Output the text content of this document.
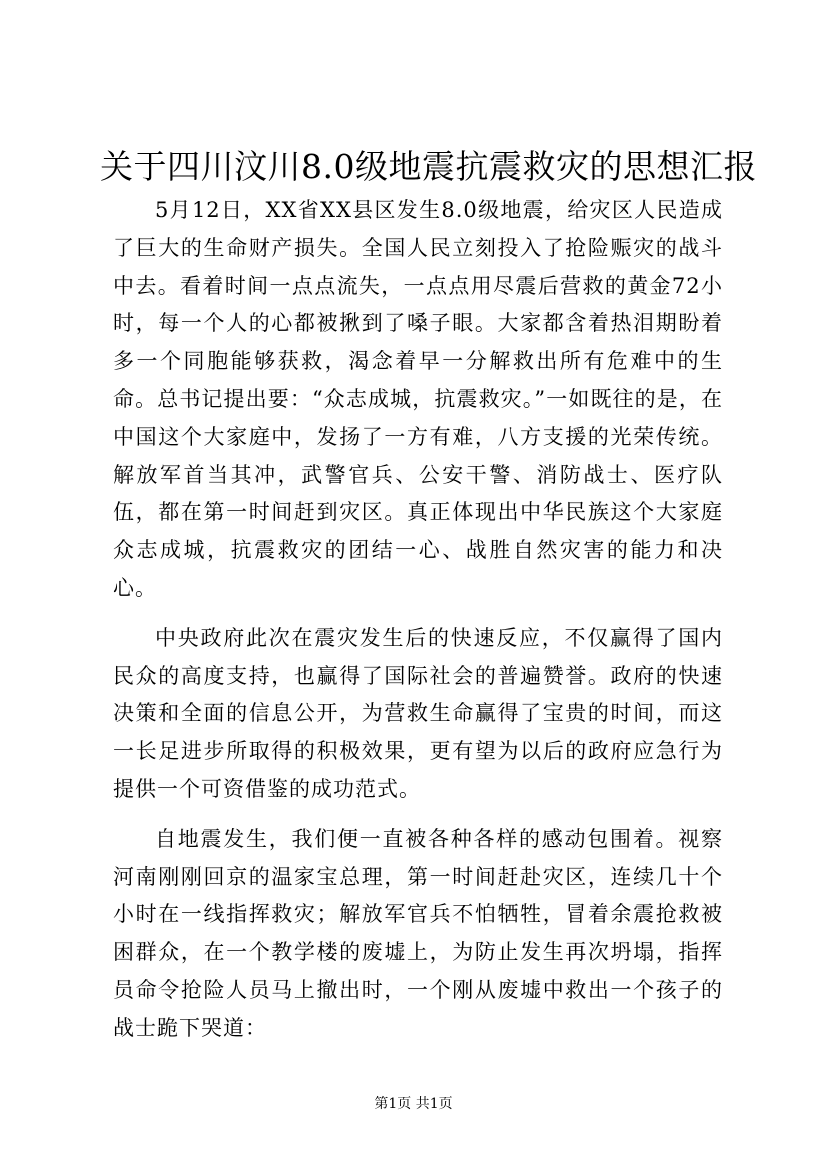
关于四川汶川8.0级地震抗震救灾的思想汇报

5月12日，XX省XX县区发生8.0级地震，给灾区人民造成了巨大的生命财产损失。全国人民立刻投入了抢险赈灾的战斗中去。看着时间一点点流失，一点点用尽震后营救的黄金72小时，每一个人的心都被揪到了嗓子眼。大家都含着热泪期盼着多一个同胞能够获救，渴念着早一分解救出所有危难中的生命。总书记提出要：“众志成城，抗震救灾。”一如既往的是，在中国这个大家庭中，发扬了一方有难，八方支援的光荣传统。解放军首当其冲，武警官兵、公安干警、消防战士、医疗队伍，都在第一时间赶到灾区。真正体现出中华民族这个大家庭众志成城，抗震救灾的团结一心、战胜自然灾害的能力和决心。

中央政府此次在震灾发生后的快速反应，不仅赢得了国内民众的高度支持，也赢得了国际社会的普遍赞誉。政府的快速决策和全面的信息公开，为营救生命赢得了宝贵的时间，而这一长足进步所取得的积极效果，更有望为以后的政府应急行为提供一个可资借鉴的成功范式。

自地震发生，我们便一直被各种各样的感动包围着。视察河南刚刚回京的温家宝总理，第一时间赶赴灾区，连续几十个小时在一线指挥救灾；解放军官兵不怕牺牲，冒着余震抢救被困群众，在一个教学楼的废墟上，为防止发生再次坍塌，指挥员命令抢险人员马上撤出时，一个刚从废墟中救出一个孩子的战士跪下哭道：

第1页 共1页
